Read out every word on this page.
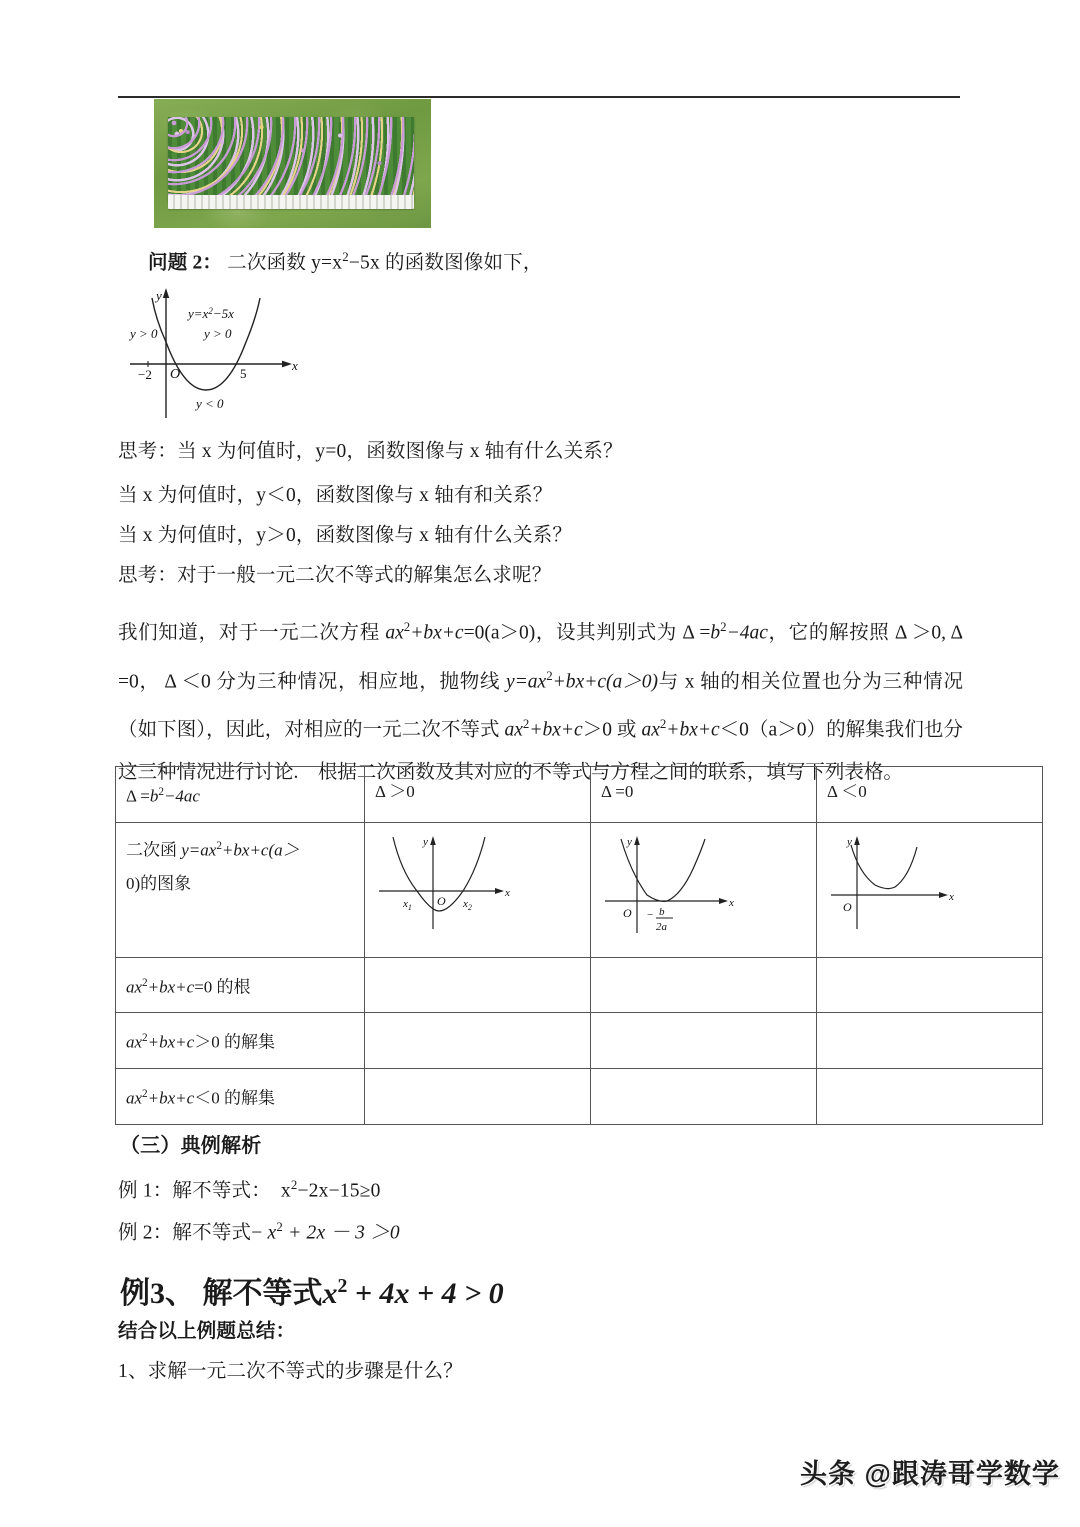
问题 2： 二次函数 $y=x^2-5x$ 的函数图像如下，
y
x
O
−2	5
$y=x^2-5x$
y > 0	y > 0
y < 0
思考：当 x 为何值时，y=0，函数图像与 x 轴有什么关系？
当 x 为何值时，y＜0，函数图像与 x 轴有和关系？
当 x 为何值时，y＞0，函数图像与 x 轴有什么关系？
思考：对于一般一元二次不等式的解集怎么求呢？
我们知道，对于一元二次方程 $ax^2+bx+c=0(a>0)$，设其判别式为 $\Delta =b^2-4ac$，它的解按照 Δ ＞0, Δ =0， Δ ＜0 分为三种情况，相应地，抛物线 $y=ax^2+bx+c(a>0)$与 x 轴的相关位置也分为三种情况（如下图），因此，对相应的一元二次不等式 $ax^2+bx+c>0$ 或 $ax^2+bx+c<0(a>0)$的解集我们也分这三种情况进行讨论.　根据二次函数及其对应的不等式与方程之间的联系，填写下列表格。
$\Delta =b^2-4ac$	Δ ＞0	Δ =0	Δ ＜0
二次函 $y=ax^2+bx+c(a>$
0)的图象	
y
x
O
$x_1$	$x_2$

y
x
O − b
2a

y
x
O

$ax^2+bx+c=0$ 的根			
$ax^2+bx+c>0$ 的解集			
$ax^2+bx+c<0$ 的解集			
（三）典例解析
例 1：解不等式：　$x^2-2x-15\ge 0$
例 2：解不等式− $x^2 + 2x - 3 >0$
例3、 解不等式$x^2 + 4x + 4 > 0$
结合以上例题总结：
1、求解一元二次不等式的步骤是什么？
头条 @跟涛哥学数学
